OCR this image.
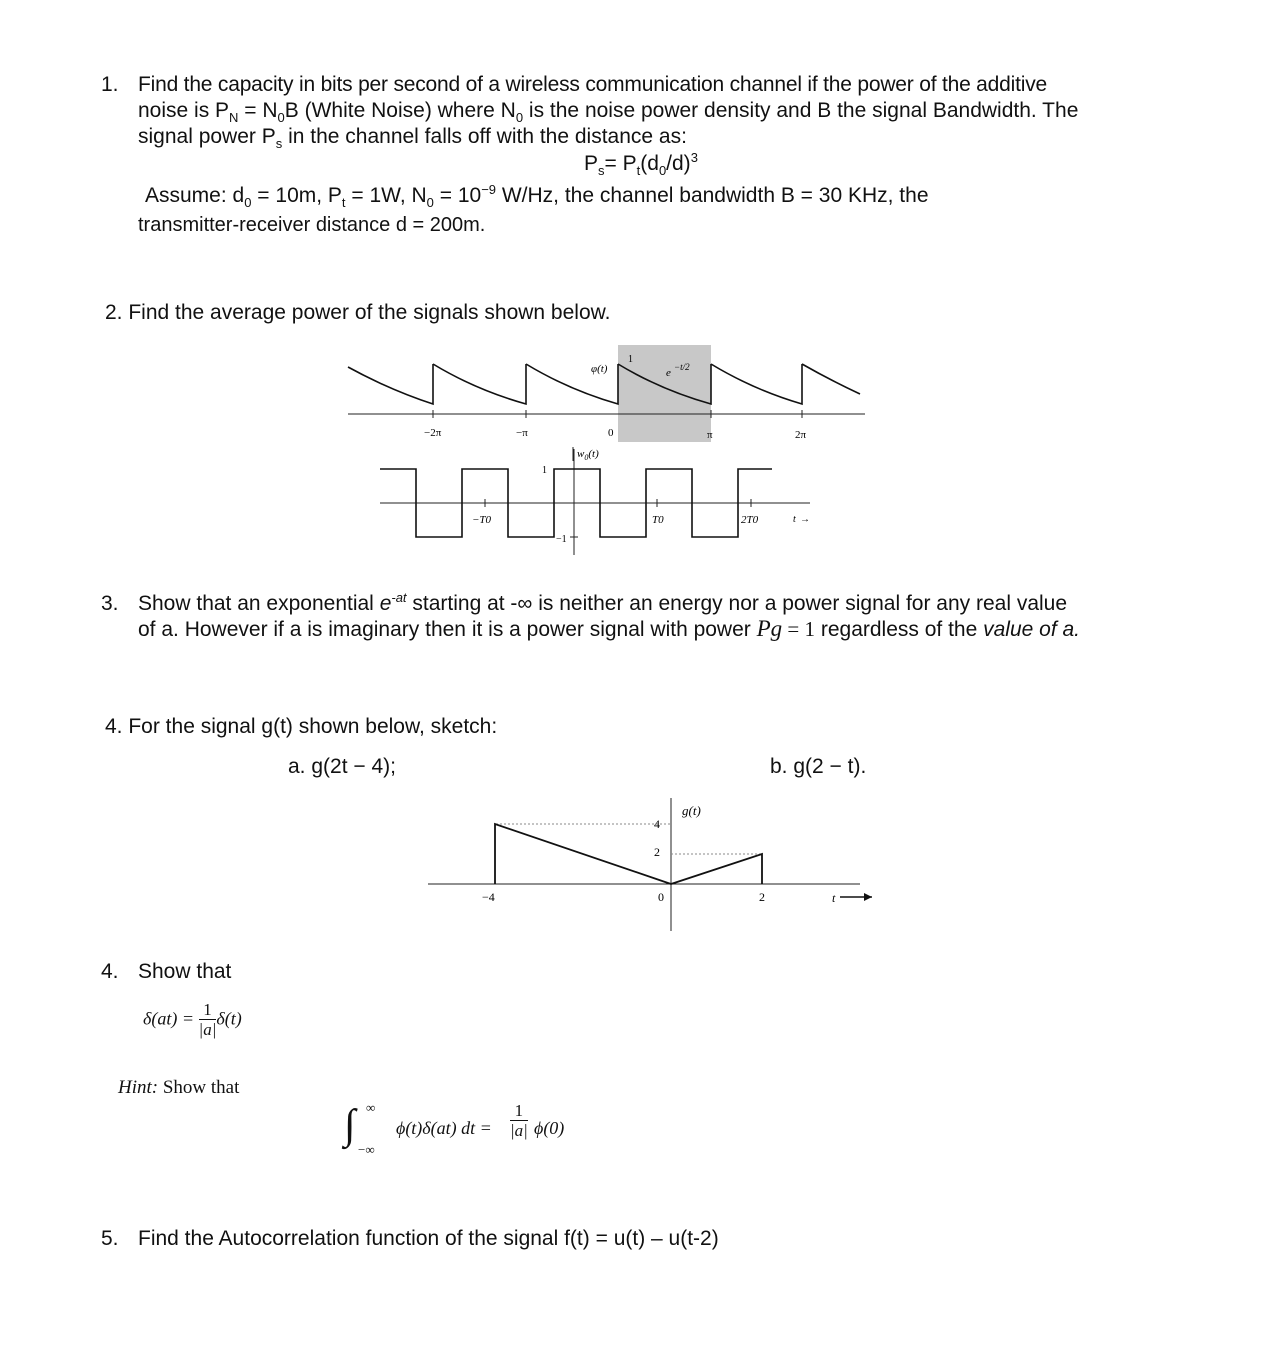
1. Find the capacity in bits per second of a wireless communication channel if the power of the additive
noise is $P_N = N_0B$ (White Noise) where $N_0$ is the noise power density and B the signal Bandwidth. The
signal power $P_s$ in the channel falls off with the distance as:
$P_s= P_t(d_0/d)^3$
Assume: $d_0 = 10m$, $P_t = 1W$, $N_0 = 10^{-9}$ W/Hz, the channel bandwidth B = 30 KHz, the
transmitter-receiver distance d = 200m.
2. Find the average power of the signals shown below.
φ(t)
1
e −t/2
−2π	−π	0	π	2π
$w_0(t)$
1
−1
−T0	T0	2T0	t →
3. Show that an exponential $e^{-at}$ starting at -∞ is neither an energy nor a power signal for any real value
of a. However if a is imaginary then it is a power signal with power Pg = 1 regardless of the value of a.
4. For the signal g(t) shown below, sketch:
a. g(2t − 4);	b. g(2 − t).
g(t)
4
2
−4	0	2	t
4. Show that
$\delta(at) = \frac{1}{|a|} \delta(t)$
Hint: Show that
∫ ∞
−∞
ϕ(t)δ(at) dt = $\frac{1}{|a|} \phi(0)$
5. Find the Autocorrelation function of the signal f(t) = u(t) – u(t-2)
